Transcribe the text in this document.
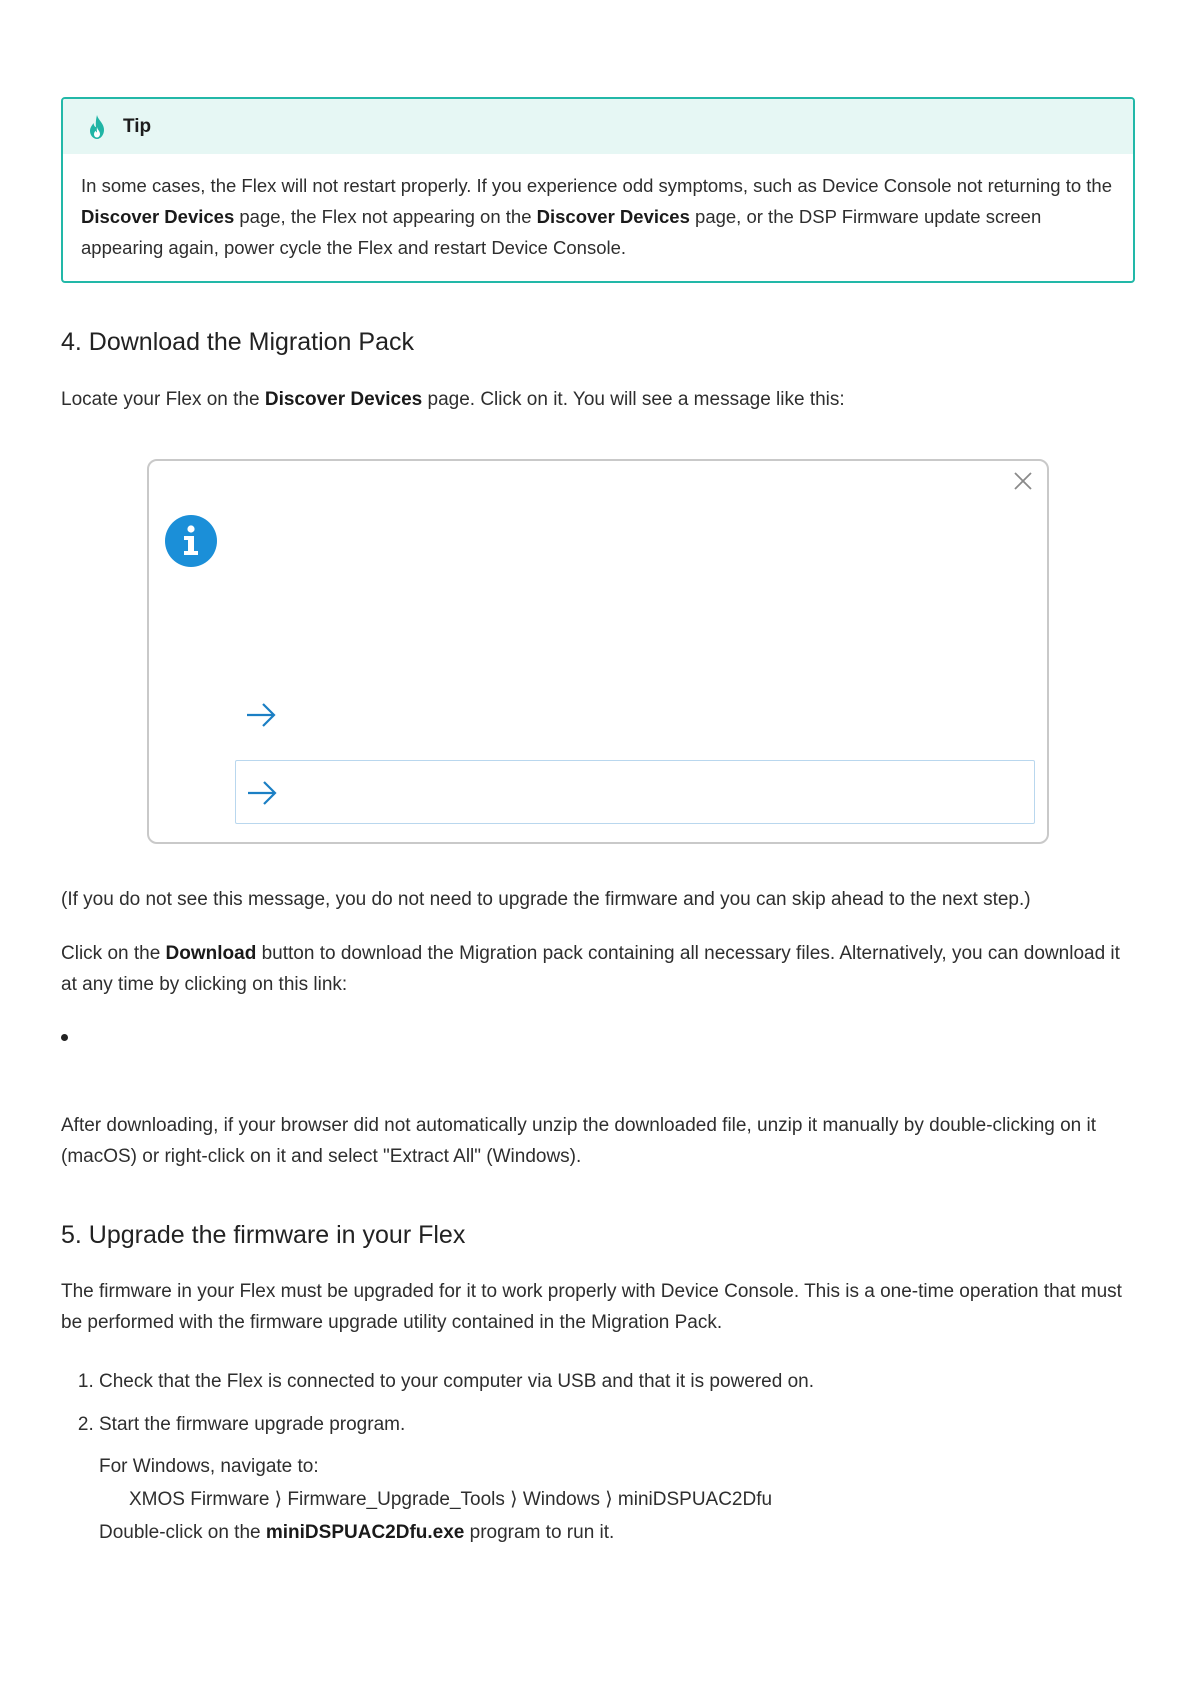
Tip
In some cases, the Flex will not restart properly. If you experience odd symptoms, such as Device Console not returning to the Discover Devices page, the Flex not appearing on the Discover Devices page, or the DSP Firmware update screen appearing again, power cycle the Flex and restart Device Console.
4. Download the Migration Pack

Locate your Flex on the Discover Devices page. Click on it. You will see a message like this:

(If you do not see this message, you do not need to upgrade the firmware and you can skip ahead to the next step.)

Click on the Download button to download the Migration pack containing all necessary files. Alternatively, you can download it at any time by clicking on this link:

After downloading, if your browser did not automatically unzip the downloaded file, unzip it manually by double-clicking on it (macOS) or right-click on it and select "Extract All" (Windows).

5. Upgrade the firmware in your Flex

The firmware in your Flex must be upgraded for it to work properly with Device Console. This is a one-time operation that must be performed with the firmware upgrade utility contained in the Migration Pack.

1. Check that the Flex is connected to your computer via USB and that it is powered on.
2. Start the firmware upgrade program.
For Windows, navigate to:
XMOS Firmware ⟩ Firmware_Upgrade_Tools ⟩ Windows ⟩ miniDSPUAC2Dfu
Double-click on the miniDSPUAC2Dfu.exe program to run it.
